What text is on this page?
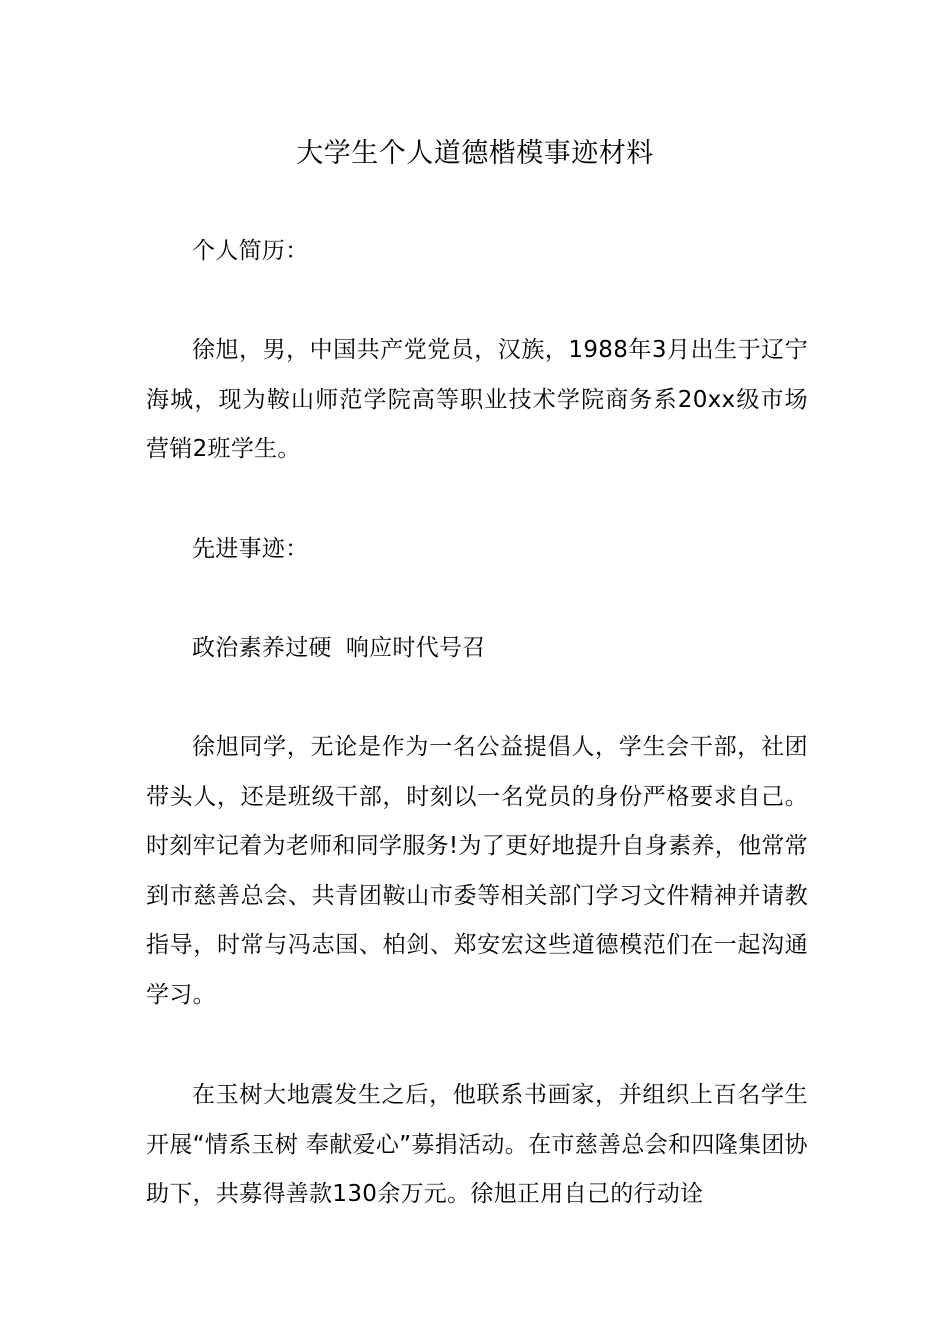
大学生个人道德楷模事迹材料

个人简历：

徐旭，男，中国共产党党员，汉族，1988年3月出生于辽宁海城，现为鞍山师范学院高等职业技术学院商务系20xx级市场营销2班学生。

先进事迹：

政治素养过硬 响应时代号召

徐旭同学，无论是作为一名公益提倡人，学生会干部，社团带头人，还是班级干部，时刻以一名党员的身份严格要求自己。时刻牢记着为老师和同学服务!为了更好地提升自身素养，他常常到市慈善总会、共青团鞍山市委等相关部门学习文件精神并请教指导，时常与冯志国、柏剑、郑安宏这些道德模范们在一起沟通学习。

在玉树大地震发生之后，他联系书画家，并组织上百名学生开展“情系玉树 奉献爱心”募捐活动。在市慈善总会和四隆集团协助下，共募得善款130余万元。徐旭正用自己的行动诠
